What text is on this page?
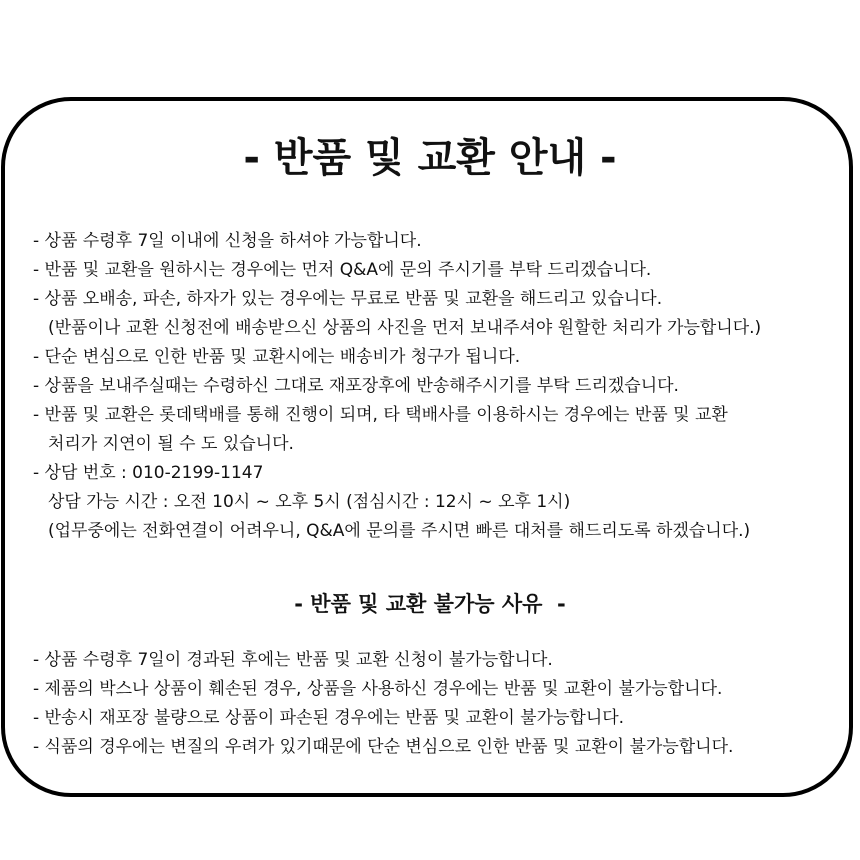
- 반품 및 교환 안내 -
- 상품 수령후 7일 이내에 신청을 하셔야 가능합니다.
- 반품 및 교환을 원하시는 경우에는 먼저 Q&A에 문의 주시기를 부탁 드리겠습니다.
- 상품 오배송, 파손, 하자가 있는 경우에는 무료로 반품 및 교환을 해드리고 있습니다.
(반품이나 교환 신청전에 배송받으신 상품의 사진을 먼저 보내주셔야 원할한 처리가 가능합니다.)
- 단순 변심으로 인한 반품 및 교환시에는 배송비가 청구가 됩니다.
- 상품을 보내주실때는 수령하신 그대로 재포장후에 반송해주시기를 부탁 드리겠습니다.
- 반품 및 교환은 롯데택배를 통해 진행이 되며, 타 택배사를 이용하시는 경우에는 반품 및 교환
처리가 지연이 될 수 도 있습니다.
- 상담 번호 : 010-2199-1147
상담 가능 시간 : 오전 10시 ~ 오후 5시 (점심시간 : 12시 ~ 오후 1시)
(업무중에는 전화연결이 어려우니, Q&A에 문의를 주시면 빠른 대처를 해드리도록 하겠습니다.)
- 반품 및 교환 불가능 사유  -
- 상품 수령후 7일이 경과된 후에는 반품 및 교환 신청이 불가능합니다.
- 제품의 박스나 상품이 훼손된 경우, 상품을 사용하신 경우에는 반품 및 교환이 불가능합니다.
- 반송시 재포장 불량으로 상품이 파손된 경우에는 반품 및 교환이 불가능합니다.
- 식품의 경우에는 변질의 우려가 있기때문에 단순 변심으로 인한 반품 및 교환이 불가능합니다.
